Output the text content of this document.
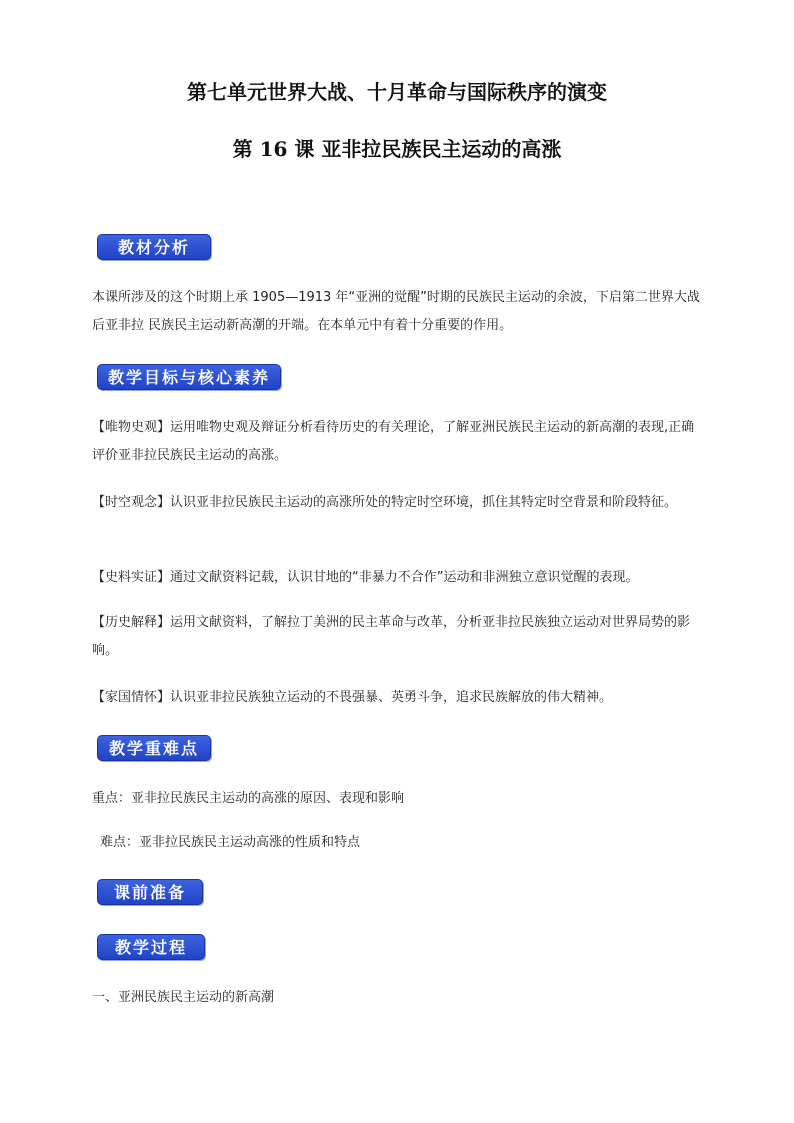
第七单元世界大战、十月革命与国际秩序的演变
第 16 课 亚非拉民族民主运动的高涨
教材分析
本课所涉及的这个时期上承 1905—1913 年“亚洲的觉醒”时期的民族民主运动的余波，下启第二世界大战后亚非拉 民族民主运动新高潮的开端。在本单元中有着十分重要的作用。
教学目标与核心素养
【唯物史观】运用唯物史观及辩证分析看待历史的有关理论，了解亚洲民族民主运动的新高潮的表现,正确评价亚非拉民族民主运动的高涨。
【时空观念】认识亚非拉民族民主运动的高涨所处的特定时空环境，抓住其特定时空背景和阶段特征。
【史料实证】通过文献资料记载，认识甘地的“非暴力不合作”运动和非洲独立意识觉醒的表现。
【历史解释】运用文献资料，了解拉丁美洲的民主革命与改革，分析亚非拉民族独立运动对世界局势的影响。
【家国情怀】认识亚非拉民族独立运动的不畏强暴、英勇斗争，追求民族解放的伟大精神。
教学重难点
重点：亚非拉民族民主运动的高涨的原因、表现和影响
难点：亚非拉民族民主运动高涨的性质和特点
课前准备
教学过程
一、亚洲民族民主运动的新高潮
